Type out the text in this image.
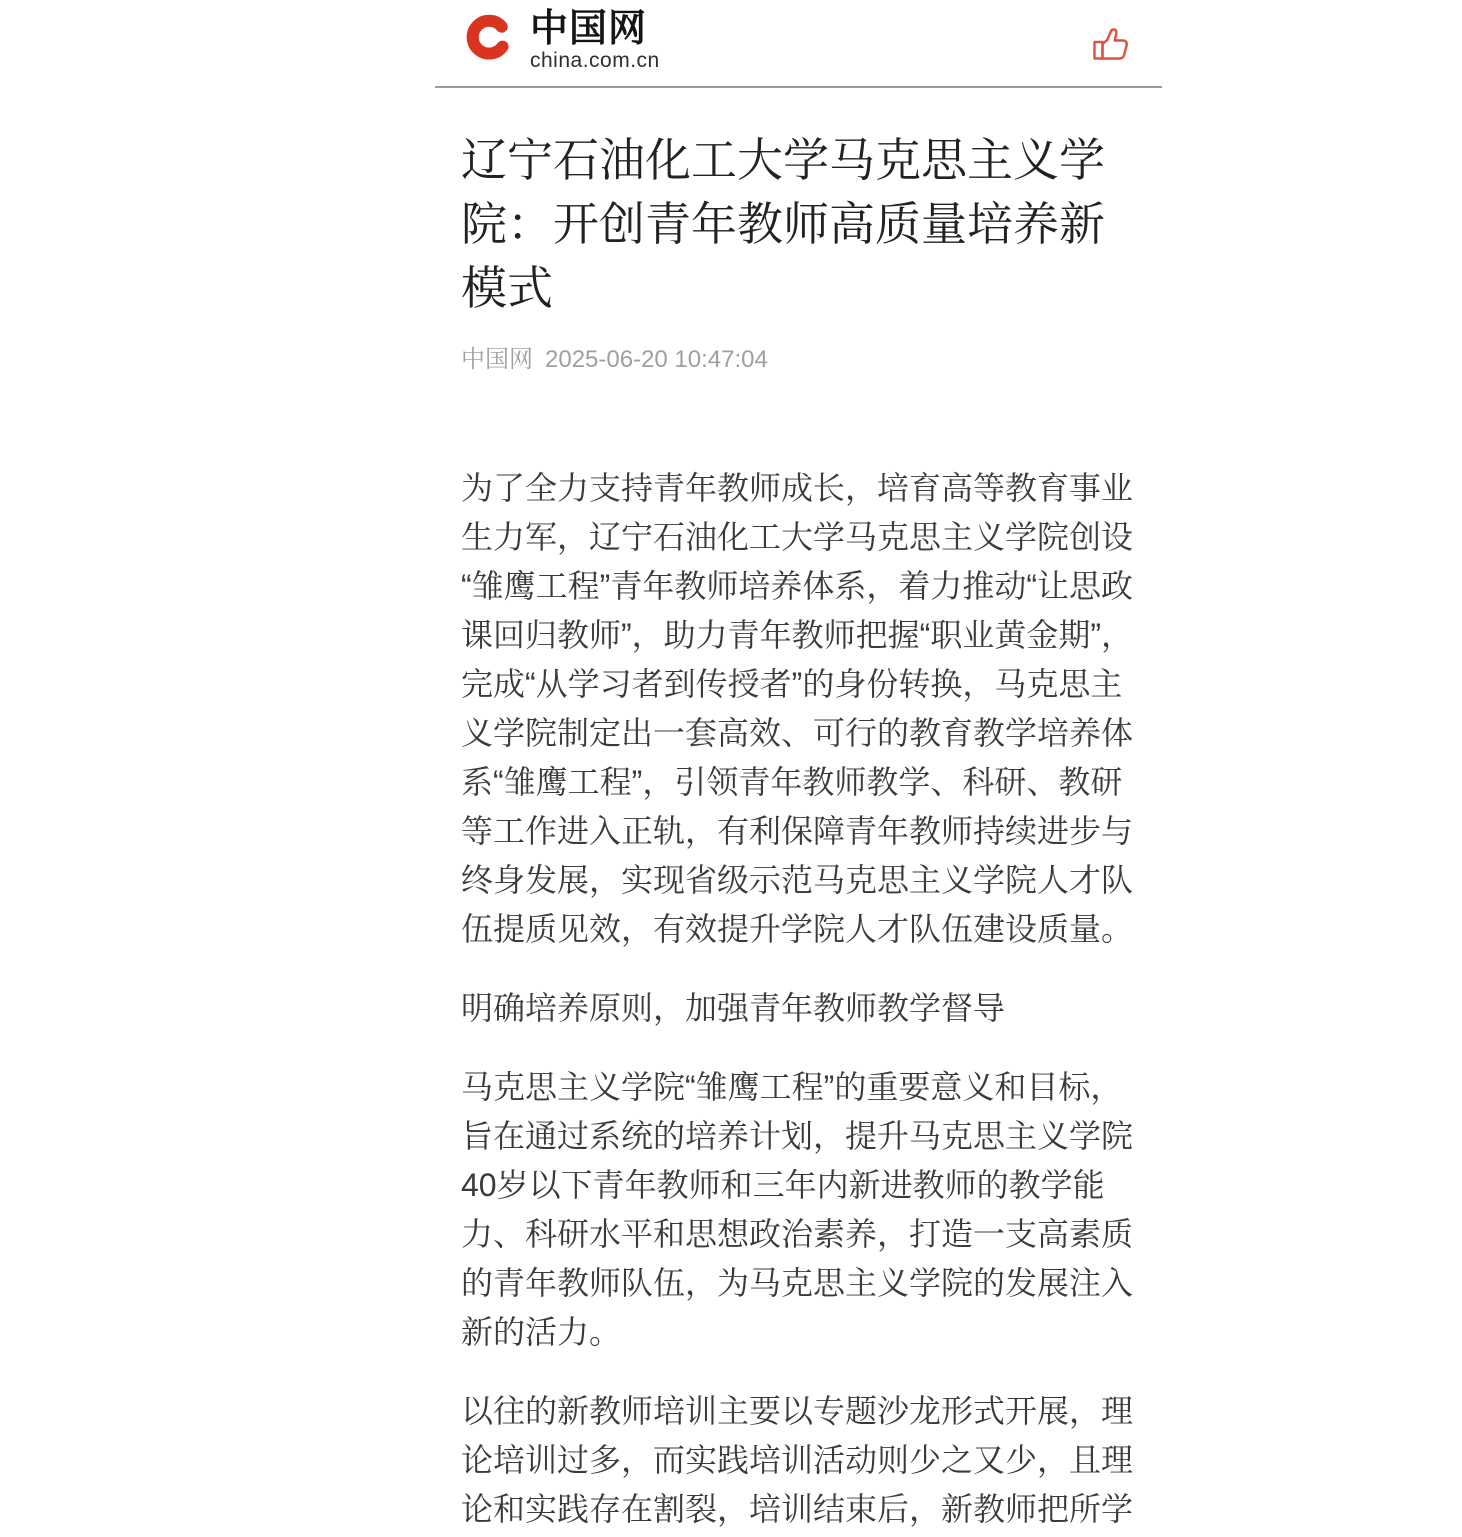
中国网
china.com.cn
辽宁石油化工大学马克思主义学院：开创青年教师高质量培养新模式
中国网 2025-06-20 10:47:04

为了全力支持青年教师成长，培育高等教育事业生力军，辽宁石油化工大学马克思主义学院创设“雏鹰工程”青年教师培养体系，着力推动“让思政课回归教师”，助力青年教师把握“职业黄金期”，完成“从学习者到传授者”的身份转换，马克思主义学院制定出一套高效、可行的教育教学培养体系“雏鹰工程”，引领青年教师教学、科研、教研等工作进入正轨，有利保障青年教师持续进步与终身发展，实现省级示范马克思主义学院人才队伍提质见效，有效提升学院人才队伍建设质量。

明确培养原则，加强青年教师教学督导

马克思主义学院“雏鹰工程”的重要意义和目标，旨在通过系统的培养计划，提升马克思主义学院40岁以下青年教师和三年内新进教师的教学能力、科研水平和思想政治素养，打造一支高素质的青年教师队伍，为马克思主义学院的发展注入新的活力。

以往的新教师培训主要以专题沙龙形式开展，理论培训过多，而实践培训活动则少之又少，且理论和实践存在割裂，培训结束后，新教师把所学
